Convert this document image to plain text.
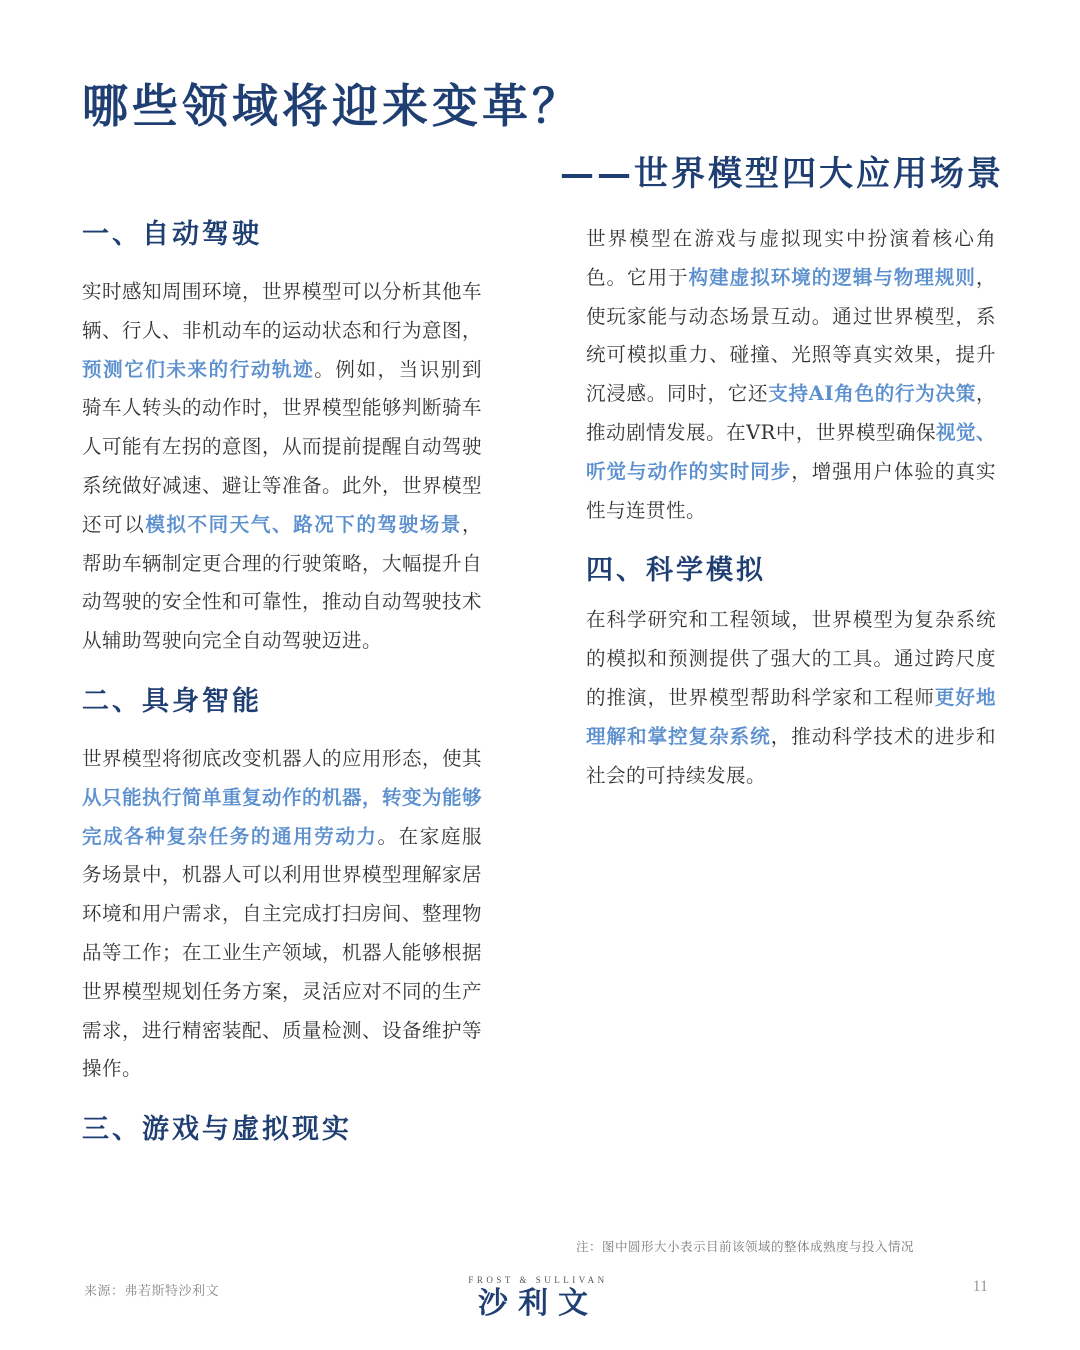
哪些领域将迎来变革？
——世界模型四大应用场景
一、自动驾驶

实时感知周围环境，世界模型可以分析其他车辆、行人、非机动车的运动状态和行为意图，预测它们未来的行动轨迹。例如，当识别到骑车人转头的动作时，世界模型能够判断骑车人可能有左拐的意图，从而提前提醒自动驾驶系统做好减速、避让等准备。此外，世界模型还可以模拟不同天气、路况下的驾驶场景，帮助车辆制定更合理的行驶策略，大幅提升自动驾驶的安全性和可靠性，推动自动驾驶技术从辅助驾驶向完全自动驾驶迈进。

二、具身智能

世界模型将彻底改变机器人的应用形态，使其从只能执行简单重复动作的机器，转变为能够完成各种复杂任务的通用劳动力。在家庭服务场景中，机器人可以利用世界模型理解家居环境和用户需求，自主完成打扫房间、整理物品等工作；在工业生产领域，机器人能够根据世界模型规划任务方案，灵活应对不同的生产需求，进行精密装配、质量检测、设备维护等操作。

三、游戏与虚拟现实

世界模型在游戏与虚拟现实中扮演着核心角色。它用于构建虚拟环境的逻辑与物理规则，使玩家能与动态场景互动。通过世界模型，系统可模拟重力、碰撞、光照等真实效果，提升沉浸感。同时，它还支持AI角色的行为决策，推动剧情发展。在VR中，世界模型确保视觉、听觉与动作的实时同步，增强用户体验的真实性与连贯性。

四、科学模拟

在科学研究和工程领域，世界模型为复杂系统的模拟和预测提供了强大的工具。通过跨尺度的推演，世界模型帮助科学家和工程师更好地理解和掌控复杂系统，推动科学技术的进步和社会的可持续发展。

注：图中圆形大小表示目前该领域的整体成熟度与投入情况
来源：弗若斯特沙利文
FROST & SULLIVAN
沙利文	11
